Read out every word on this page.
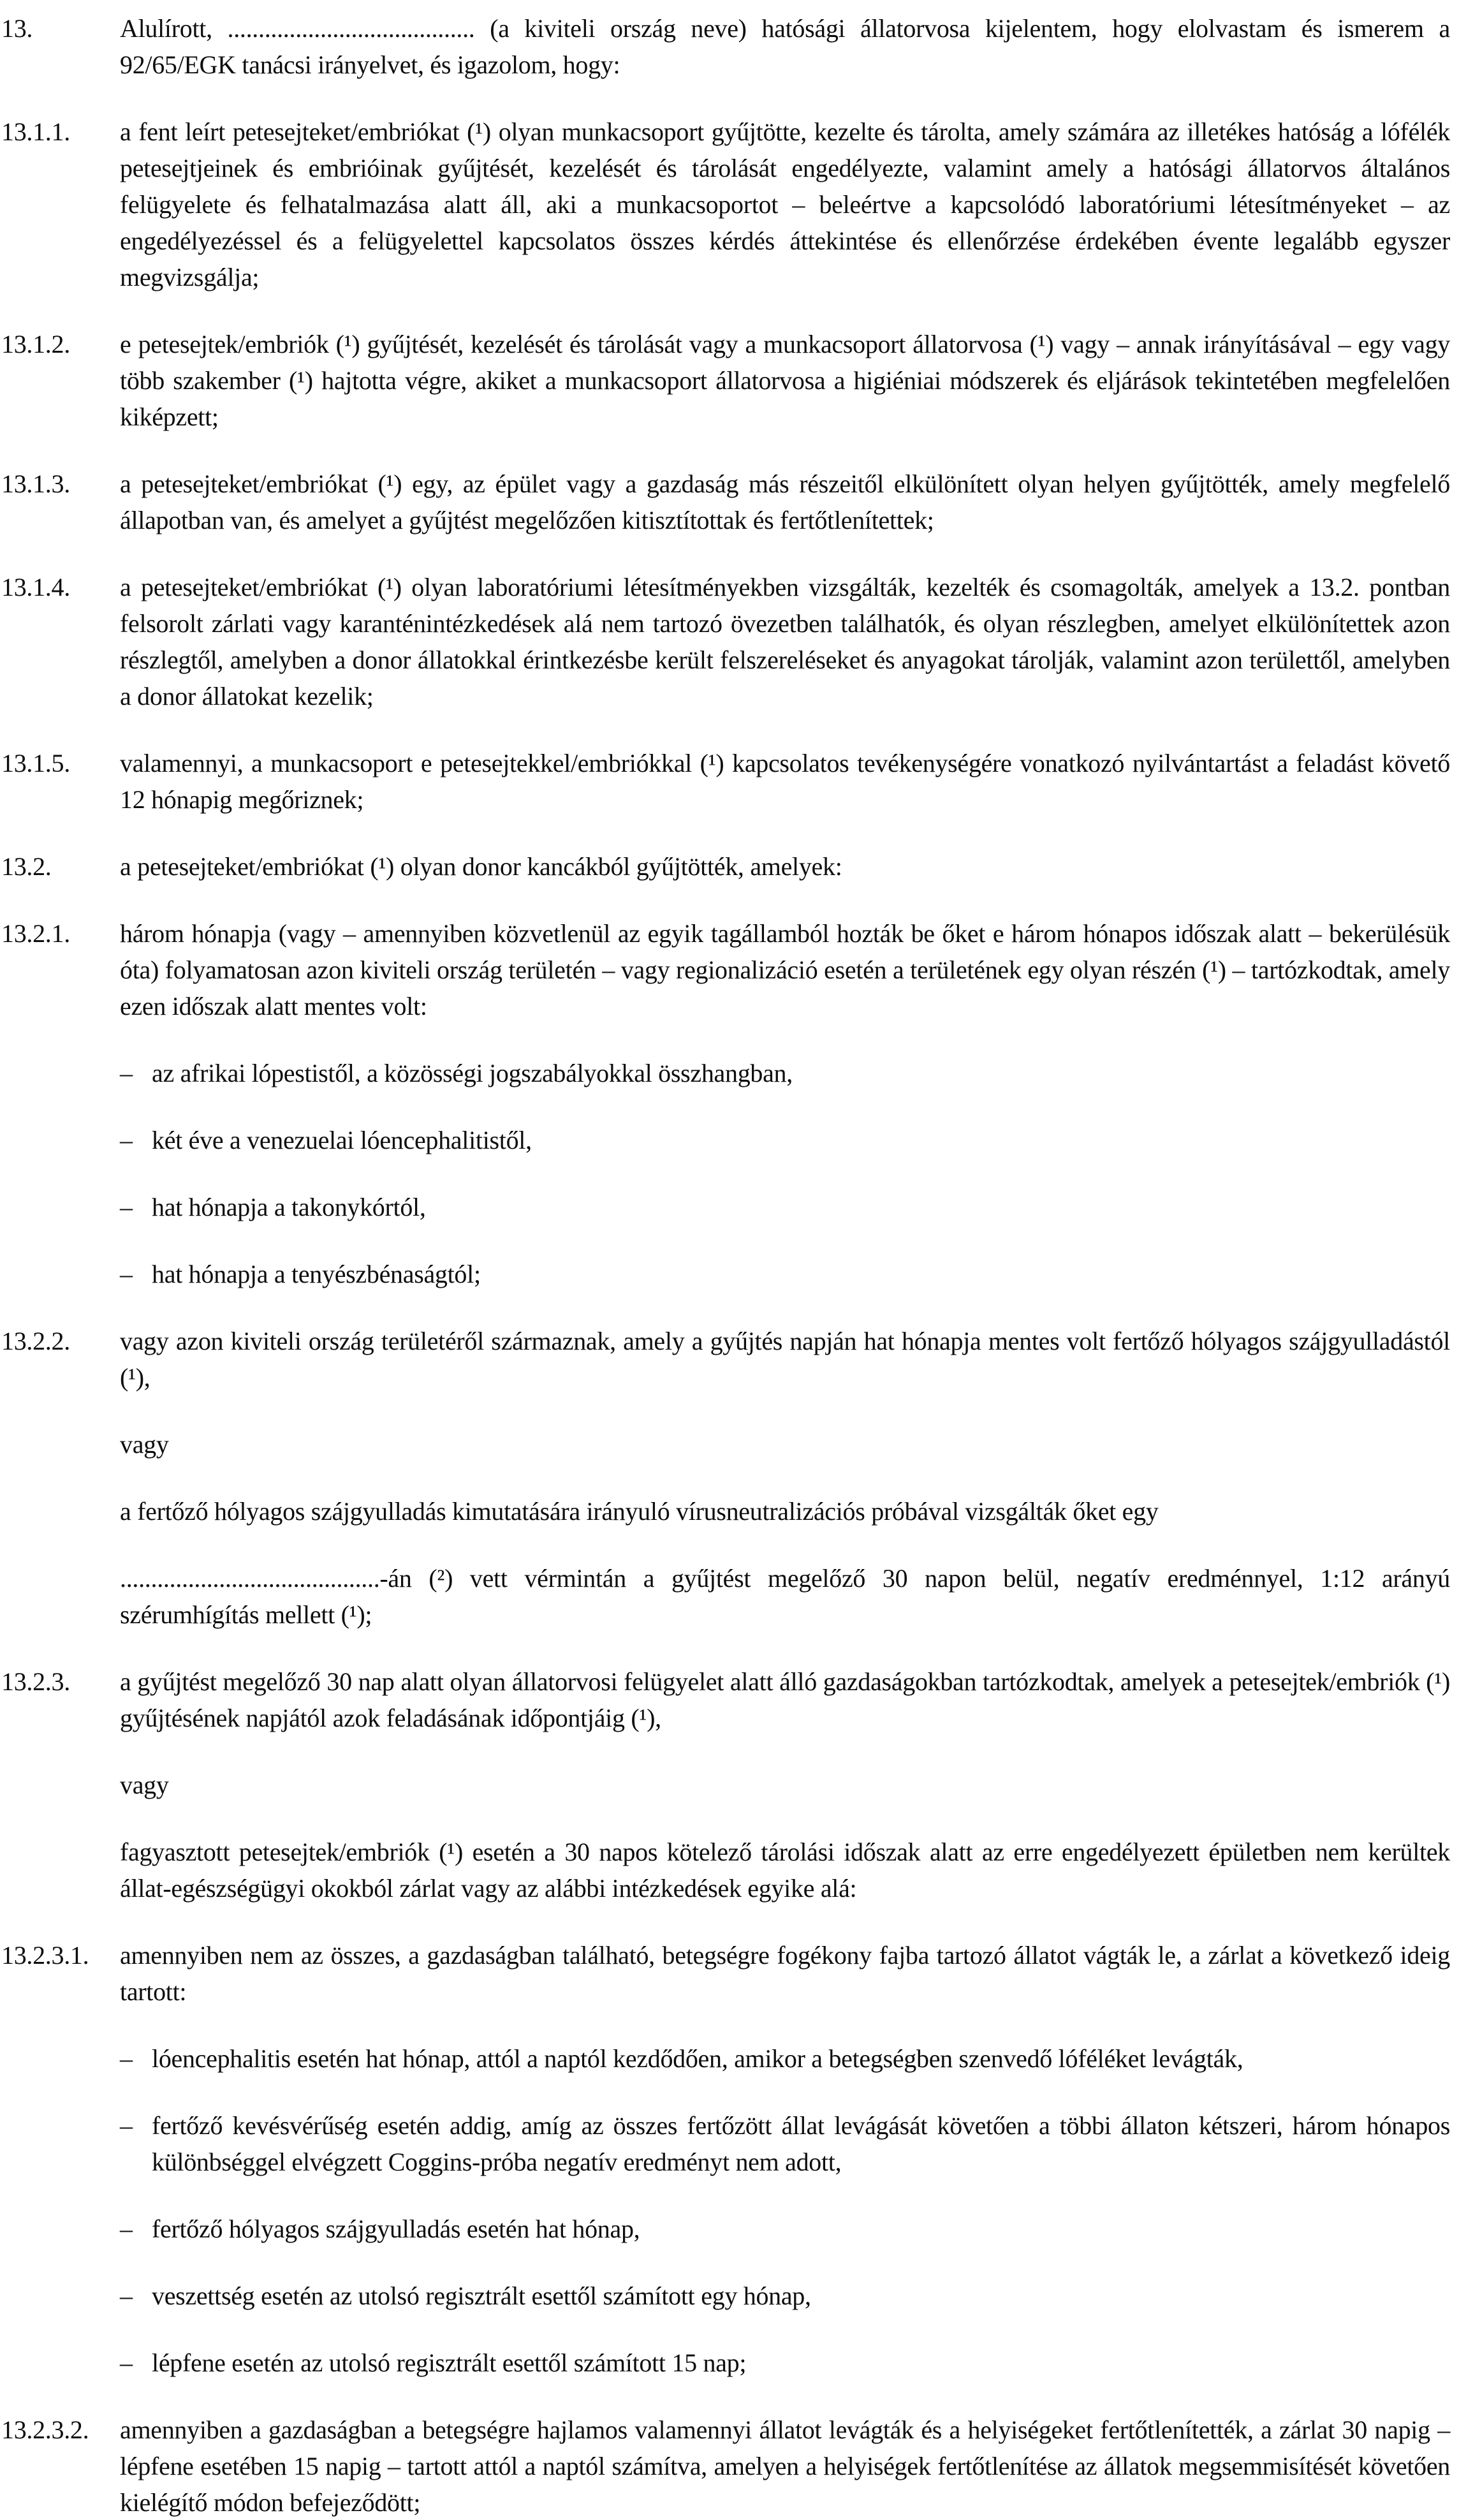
13.	Alulírott, ........................................ (a kiviteli ország neve) hatósági állatorvosa kijelentem, hogy elolvastam és ismerem a 92/65/EGK tanácsi irányelvet, és igazolom, hogy:

13.1.1.	a fent leírt petesejteket/embriókat (¹) olyan munkacsoport gyűjtötte, kezelte és tárolta, amely számára az illetékes hatóság a lófélék petesejtjeinek és embrióinak gyűjtését, kezelését és tárolását engedélyezte, valamint amely a hatósági állatorvos általános felügyelete és felhatalmazása alatt áll, aki a munkacsoportot – beleértve a kapcsolódó laboratóriumi létesítményeket – az engedélyezéssel és a felügyelettel kapcsolatos összes kérdés áttekintése és ellenőrzése érdekében évente legalább egyszer megvizsgálja;

13.1.2.	e petesejtek/embriók (¹) gyűjtését, kezelését és tárolását vagy a munkacsoport állatorvosa (¹) vagy – annak irányításával – egy vagy több szakember (¹) hajtotta végre, akiket a munkacsoport állatorvosa a higiéniai módszerek és eljárások tekintetében megfelelően kiképzett;

13.1.3.	a petesejteket/embriókat (¹) egy, az épület vagy a gazdaság más részeitől elkülönített olyan helyen gyűjtötték, amely megfelelő állapotban van, és amelyet a gyűjtést megelőzően kitisztítottak és fertőtlenítettek;

13.1.4.	a petesejteket/embriókat (¹) olyan laboratóriumi létesítményekben vizsgálták, kezelték és csomagolták, amelyek a 13.2. pontban felsorolt zárlati vagy karanténintézkedések alá nem tartozó övezetben találhatók, és olyan részlegben, amelyet elkülönítettek azon részlegtől, amelyben a donor állatokkal érintkezésbe került felszereléseket és anyagokat tárolják, valamint azon területtől, amelyben a donor állatokat kezelik;

13.1.5.	valamennyi, a munkacsoport e petesejtekkel/embriókkal (¹) kapcsolatos tevékenységére vonatkozó nyilvántartást a feladást követő 12 hónapig megőriznek;

13.2.	a petesejteket/embriókat (¹) olyan donor kancákból gyűjtötték, amelyek:

13.2.1.	három hónapja (vagy – amennyiben közvetlenül az egyik tagállamból hozták be őket e három hónapos időszak alatt – bekerülésük óta) folyamatosan azon kiviteli ország területén – vagy regionalizáció esetén a területének egy olyan részén (¹) – tartózkodtak, amely ezen időszak alatt mentes volt:

– az afrikai lópestistől, a közösségi jogszabályokkal összhangban,

– két éve a venezuelai lóencephalitistől,

– hat hónapja a takonykórtól,

– hat hónapja a tenyészbénaságtól;

13.2.2.	vagy azon kiviteli ország területéről származnak, amely a gyűjtés napján hat hónapja mentes volt fertőző hólyagos szájgyulladástól (¹),

vagy

a fertőző hólyagos szájgyulladás kimutatására irányuló vírusneutralizációs próbával vizsgálták őket egy

..........................................-án (²) vett vérmintán a gyűjtést megelőző 30 napon belül, negatív eredménnyel, 1:12 arányú szérumhígítás mellett (¹);

13.2.3.	a gyűjtést megelőző 30 nap alatt olyan állatorvosi felügyelet alatt álló gazdaságokban tartózkodtak, amelyek a petesejtek/embriók (¹) gyűjtésének napjától azok feladásának időpontjáig (¹),

vagy

fagyasztott petesejtek/embriók (¹) esetén a 30 napos kötelező tárolási időszak alatt az erre engedélyezett épületben nem kerültek állat-egészségügyi okokból zárlat vagy az alábbi intézkedések egyike alá:

13.2.3.1.	amennyiben nem az összes, a gazdaságban található, betegségre fogékony fajba tartozó állatot vágták le, a zárlat a következő ideig tartott:

– lóencephalitis esetén hat hónap, attól a naptól kezdődően, amikor a betegségben szenvedő lóféléket levágták,

– fertőző kevésvérűség esetén addig, amíg az összes fertőzött állat levágását követően a többi állaton kétszeri, három hónapos különbséggel elvégzett Coggins-próba negatív eredményt nem adott,

– fertőző hólyagos szájgyulladás esetén hat hónap,

– veszettség esetén az utolsó regisztrált esettől számított egy hónap,

– lépfene esetén az utolsó regisztrált esettől számított 15 nap;

13.2.3.2.	amennyiben a gazdaságban a betegségre hajlamos valamennyi állatot levágták és a helyiségeket fertőtlenítették, a zárlat 30 napig – lépfene esetében 15 napig – tartott attól a naptól számítva, amelyen a helyiségek fertőtlenítése az állatok megsemmisítését követően kielégítő módon befejeződött;
